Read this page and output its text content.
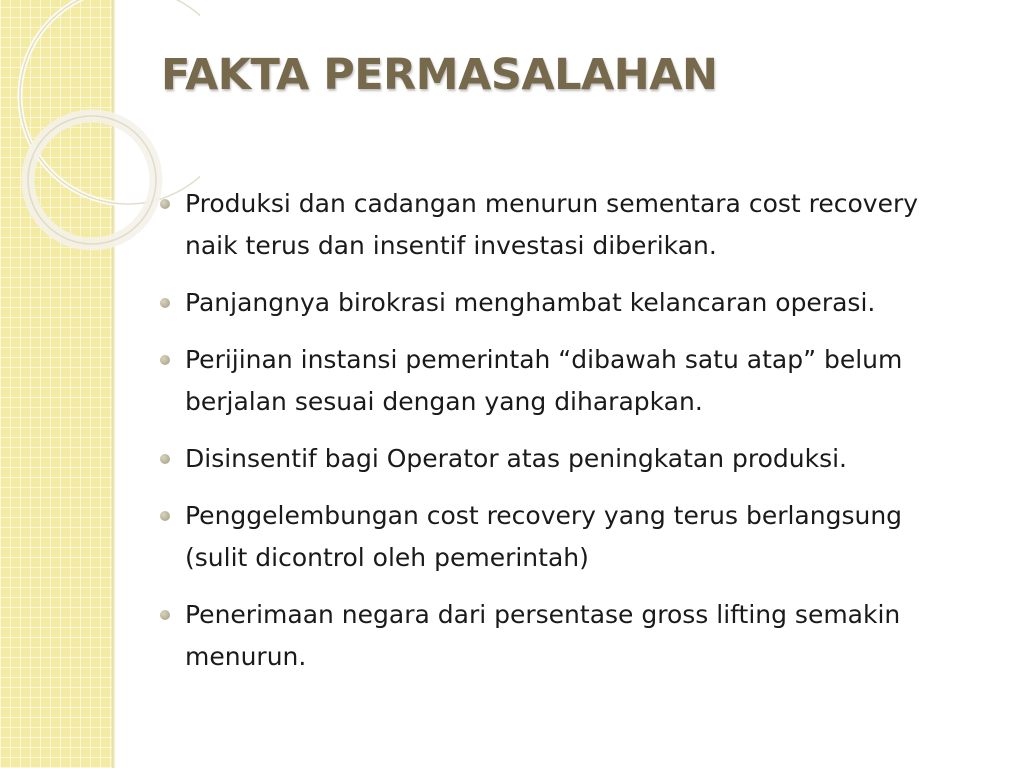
FAKTA PERMASALAHAN
Produksi dan cadangan menurun sementara cost recovery naik terus dan insentif investasi diberikan.
Panjangnya birokrasi menghambat kelancaran operasi.
Perijinan instansi pemerintah “dibawah satu atap” belum berjalan sesuai dengan yang diharapkan.
Disinsentif bagi Operator atas peningkatan produksi.
Penggelembungan cost recovery yang terus berlangsung (sulit dicontrol oleh pemerintah)
Penerimaan negara dari persentase gross lifting semakin menurun.
